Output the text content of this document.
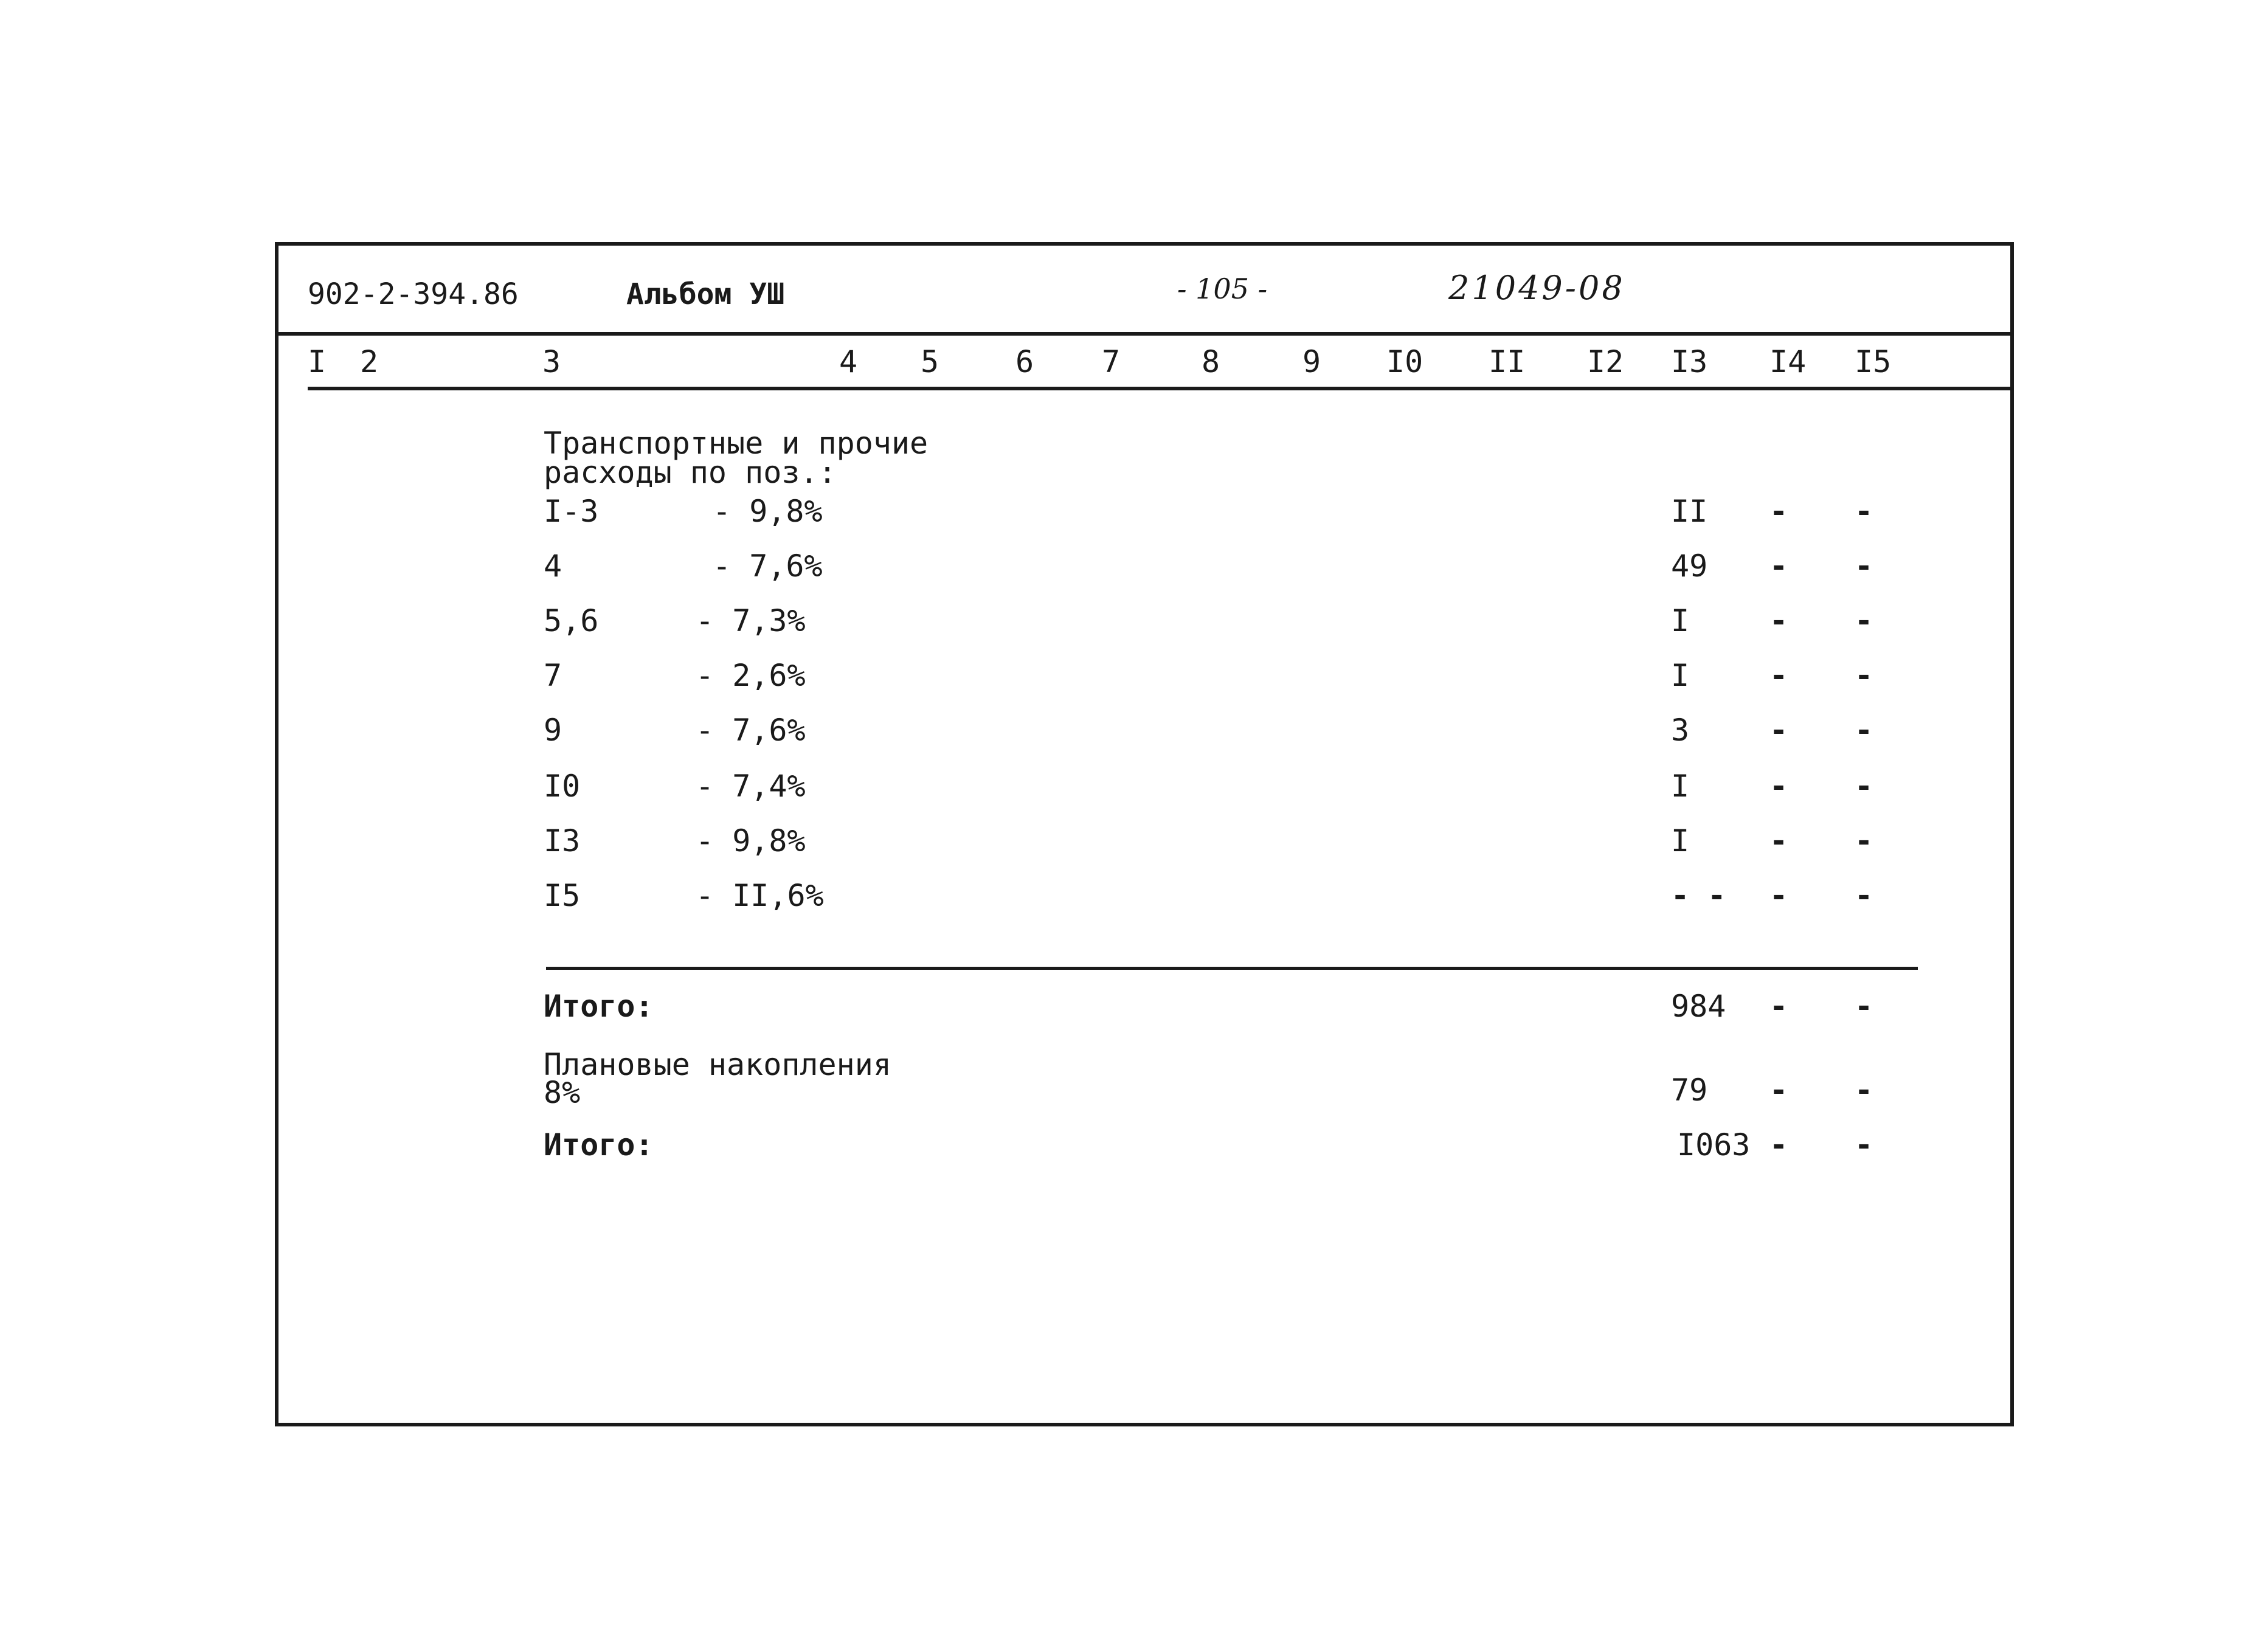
902-2-394.86	Альбом УШ	- 105 -	21049-08
I 2	3	4 5	6 7	8	9 I0 II I2 I3 I4 I5
Транспортные и прочие
расходы по поз.:
I-3	- 9,8%	II - -
4	- 7,6%	49 - -
5,6	- 7,3%	I	- -
7	- 2,6%	I	- -
9	- 7,6%	3	- -
I0	- 7,4%	I	- -
I3	- 9,8%	I	- -
I5	- II,6%	- - - -
Итого:	984 - -
Плановые накопления
8%	79 - -
Итого:	I063 - -
